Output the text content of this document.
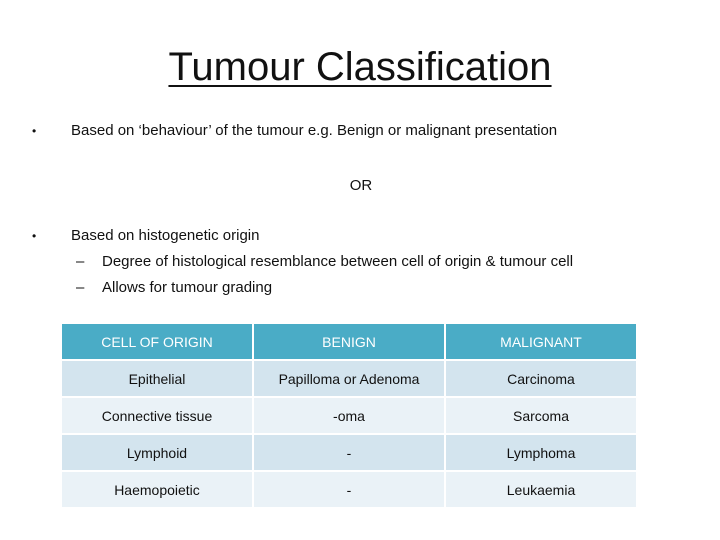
Tumour Classification
• Based on ‘behaviour’ of the tumour e.g. Benign or malignant presentation
OR
• Based on histogenetic origin
– Degree of histological resemblance between cell of origin & tumour cell
– Allows for tumour grading
CELL OF ORIGIN	BENIGN	MALIGNANT
Epithelial	Papilloma or Adenoma	Carcinoma
Connective tissue	-oma	Sarcoma
Lymphoid	-	Lymphoma
Haemopoietic	-	Leukaemia
